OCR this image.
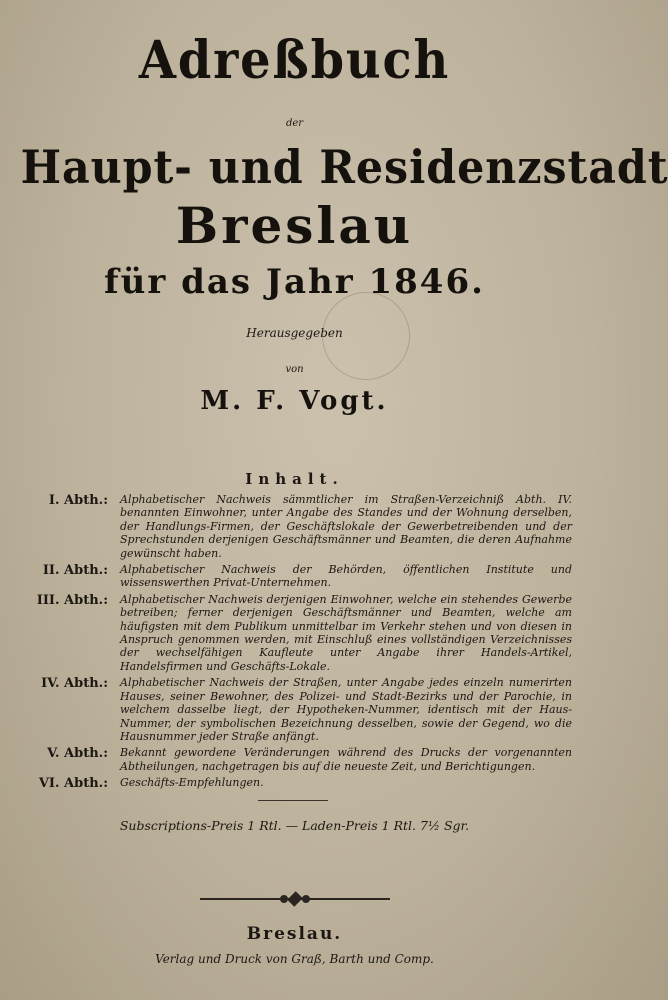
Adreßbuch
der
Haupt- und Residenzstadt
Breslau
für das Jahr 1846.
Herausgegeben
von
M. F. Vogt.
Inhalt.
I. Abth.: Alphabetischer Nachweis sämmtlicher im Straßen-Verzeichniß Abth. IV. benannten Einwohner, unter Angabe des Standes und der Wohnung derselben, der Handlungs-Firmen, der Geschäftslokale der Gewerbetreibenden und der Sprechstunden derjenigen Geschäftsmänner und Beamten, die deren Aufnahme gewünscht haben.
II. Abth.: Alphabetischer Nachweis der Behörden, öffentlichen Institute und wissenswerthen Privat-Unternehmen.
III. Abth.: Alphabetischer Nachweis derjenigen Einwohner, welche ein stehendes Gewerbe betreiben; ferner derjenigen Geschäftsmänner und Beamten, welche am häufigsten mit dem Publikum unmittelbar im Verkehr stehen und von diesen in Anspruch genommen werden, mit Einschluß eines vollständigen Verzeichnisses der wechselfähigen Kaufleute unter Angabe ihrer Handels-Artikel, Handelsfirmen und Geschäfts-Lokale.
IV. Abth.: Alphabetischer Nachweis der Straßen, unter Angabe jedes einzeln numerirten Hauses, seiner Bewohner, des Polizei- und Stadt-Bezirks und der Parochie, in welchem dasselbe liegt, der Hypotheken-Nummer, identisch mit der Haus-Nummer, der symbolischen Bezeichnung desselben, sowie der Gegend, wo die Hausnummer jeder Straße anfängt.
V. Abth.: Bekannt gewordene Veränderungen während des Drucks der vorgenannten Abtheilungen, nachgetragen bis auf die neueste Zeit, und Berichtigungen.
VI. Abth.: Geschäfts-Empfehlungen.
Subscriptions-Preis 1 Rtl. — Laden-Preis 1 Rtl. 7½ Sgr.
Breslau.
Verlag und Druck von Graß, Barth und Comp.
